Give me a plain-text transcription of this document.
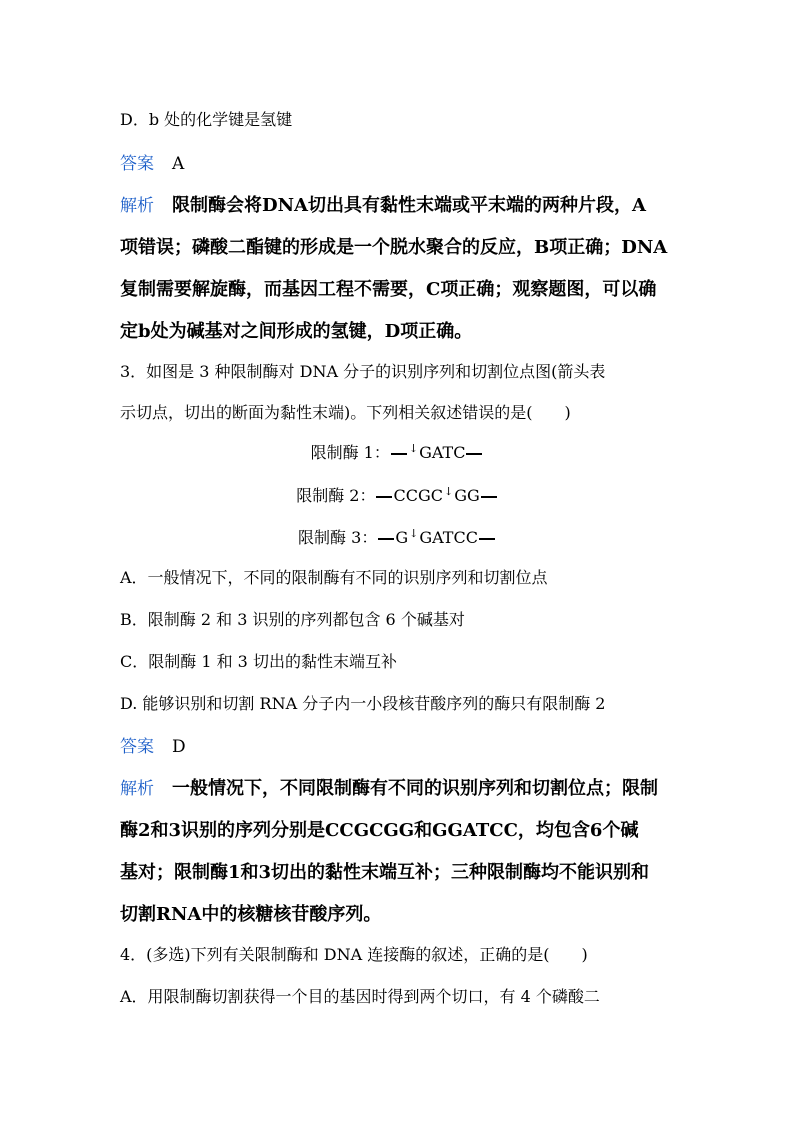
D．b 处的化学键是氢键
答案 A
解析 限制酶会将DNA切出具有黏性末端或平末端的两种片段，A
项错误；磷酸二酯键的形成是一个脱水聚合的反应，B项正确；DNA
复制需要解旋酶，而基因工程不需要，C项正确；观察题图，可以确
定b处为碱基对之间形成的氢键，D项正确。
3．如图是 3 种限制酶对 DNA 分子的识别序列和切割位点图(箭头表
示切点，切出的断面为黏性末端)。下列相关叙述错误的是(　　)
限制酶 1： ↓GATC
限制酶 2： CCGC↓GG
限制酶 3： G↓GATCC
A．一般情况下，不同的限制酶有不同的识别序列和切割位点
B．限制酶 2 和 3 识别的序列都包含 6 个碱基对
C．限制酶 1 和 3 切出的黏性末端互补
D. 能够识别和切割 RNA 分子内一小段核苷酸序列的酶只有限制酶 2
答案 D
解析 一般情况下，不同限制酶有不同的识别序列和切割位点；限制
酶2和3识别的序列分别是CCGCGG和GGATCC，均包含6个碱
基对；限制酶1和3切出的黏性末端互补；三种限制酶均不能识别和
切割RNA中的核糖核苷酸序列。
4．(多选)下列有关限制酶和 DNA 连接酶的叙述，正确的是(　　)
A．用限制酶切割获得一个目的基因时得到两个切口，有 4 个磷酸二
